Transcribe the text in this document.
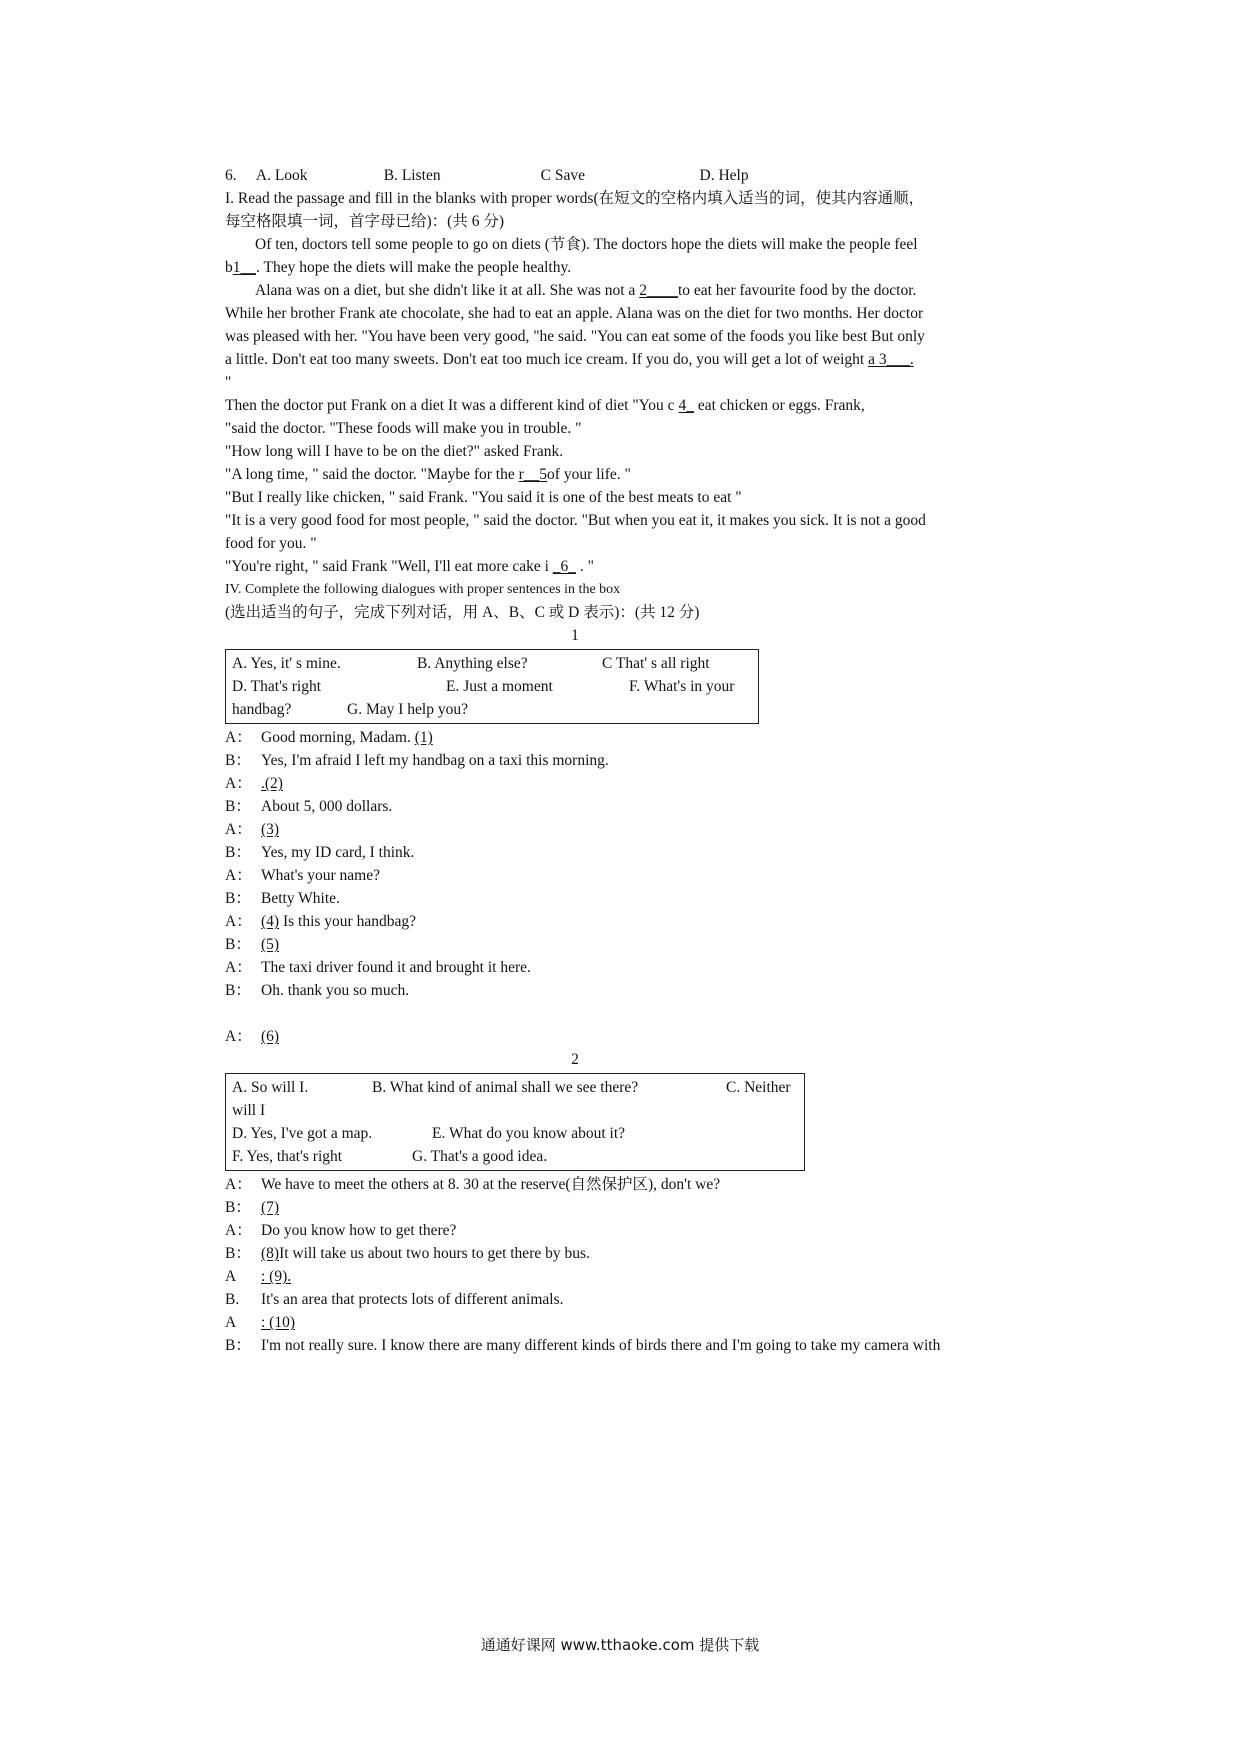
6. A. Look	B. Listen	C Save	D. Help
I. Read the passage and fill in the blanks with proper words(在短文的空格内填入适当的词，使其内容通顺，
每空格限填一词，首字母已给)：(共 6 分)
Of ten, doctors tell some people to go on diets (节食). The doctors hope the diets will make the people feel
b1__. They hope the diets will make the people healthy.
Alana was on a diet, but she didn't like it at all. She was not a 2____to eat her favourite food by the doctor.
While her brother Frank ate chocolate, she had to eat an apple. Alana was on the diet for two months. Her doctor
was pleased with her. "You have been very good, "he said. "You can eat some of the foods you like best But only
a little. Don't eat too many sweets. Don't eat too much ice cream. If you do, you will get a lot of weight a 3___.
"
Then the doctor put Frank on a diet It was a different kind of diet "You c 4_ eat chicken or eggs. Frank,
"said the doctor. "These foods will make you in trouble. "
"How long will I have to be on the diet?" asked Frank.
"A long time, " said the doctor. "Maybe for the r__5of your life. "
"But I really like chicken, " said Frank. "You said it is one of the best meats to eat "
"It is a very good food for most people, " said the doctor. "But when you eat it, it makes you sick. It is not a good
food for you. "
"You're right, " said Frank "Well, I'll eat more cake i _6_ . "
IV. Complete the following dialogues with proper sentences in the box
(选出适当的句子，完成下列对话，用 A、B、C 或 D 表示)：(共 12 分)
1
A. Yes, it' s mine.	B. Anything else?	C That' s all right
D. That's right	E. Just a moment	F. What's in your
handbag?	G. May I help you?
A： Good morning, Madam. (1)
B： Yes, I'm afraid I left my handbag on a taxi this morning.
A： .(2)
B： About 5, 000 dollars.
A： (3)
B： Yes, my ID card, I think.
A： What's your name?
B： Betty White.
A： (4) Is this your handbag?
B： (5)
A： The taxi driver found it and brought it here.
B： Oh. thank you so much.
A： (6)
2
A. So will I.	B. What kind of animal shall we see there?	C. Neither
will I
D. Yes, I've got a map.	E. What do you know about it?
F. Yes, that's right	G. That's a good idea.
A： We have to meet the others at 8. 30 at the reserve(自然保护区), don't we?
B： (7)
A： Do you know how to get there?
B： (8)It will take us about two hours to get there by bus.
A	: (9).
B.	It's an area that protects lots of different animals.
A	: (10)
B： I'm not really sure. I know there are many different kinds of birds there and I'm going to take my camera with
通通好课网 www.tthaoke.com 提供下载
